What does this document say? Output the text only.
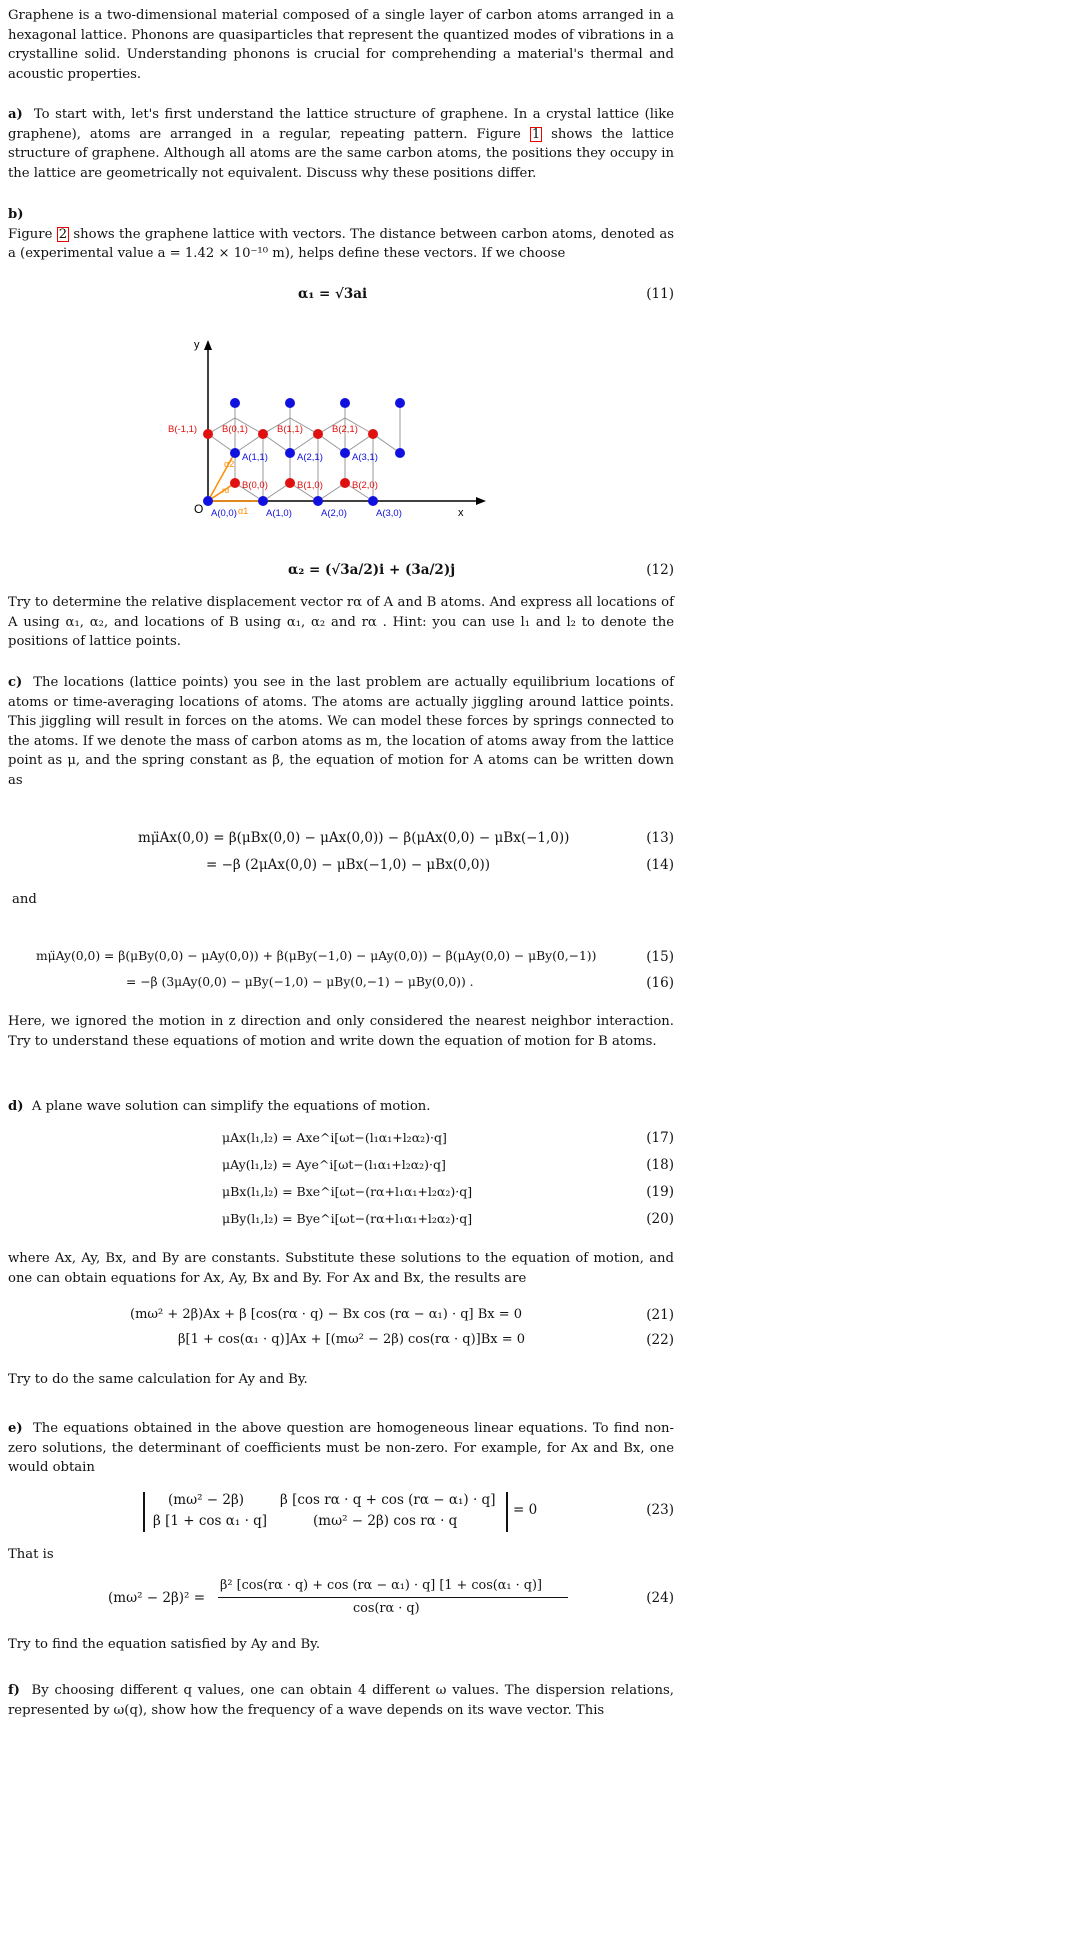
Graphene is a two-dimensional material composed of a single layer of carbon atoms arranged in a hexagonal lattice. Phonons are quasiparticles that represent the quantized modes of vibrations in a crystalline solid. Understanding phonons is crucial for comprehending a material's thermal and acoustic properties.

a) To start with, let's first understand the lattice structure of graphene. In a crystal lattice (like graphene), atoms are arranged in a regular, repeating pattern. Figure 1 shows the lattice structure of graphene. Although all atoms are the same carbon atoms, the positions they occupy in the lattice are geometrically not equivalent. Discuss why these positions differ.

b)

Figure 2 shows the graphene lattice with vectors. The distance between carbon atoms, denoted as a (experimental value a = 1.42 × 10⁻¹⁰ m), helps define these vectors. If we choose

α₁ = √3ai	(11)
y
x
O
α2
rα
α1
A(0,0)	A(1,0)	A(2,0)	A(3,0)
A(1,1)	A(2,1)	A(3,1)
B(0,0)	B(1,0)	B(2,0)
B(-1,1)	B(0,1)	B(1,1)	B(2,1)
α₂ = (√3a/2)i + (3a/2)j	(12)

Try to determine the relative displacement vector rα of A and B atoms. And express all locations of A using α₁, α₂, and locations of B using α₁, α₂ and rα . Hint: you can use l₁ and l₂ to denote the positions of lattice points.

c) The locations (lattice points) you see in the last problem are actually equilibrium locations of atoms or time-averaging locations of atoms. The atoms are actually jiggling around lattice points. This jiggling will result in forces on the atoms. We can model these forces by springs connected to the atoms. If we denote the mass of carbon atoms as m, the location of atoms away from the lattice point as μ, and the spring constant as β, the equation of motion for A atoms can be written down as

mμ̈Ax(0,0) = β(μBx(0,0) − μAx(0,0)) − β(μAx(0,0) − μBx(−1,0))	(13)
= −β (2μAx(0,0) − μBx(−1,0) − μBx(0,0))	(14)
and
mμ̈Ay(0,0) = β(μBy(0,0) − μAy(0,0)) + β(μBy(−1,0) − μAy(0,0)) − β(μAy(0,0) − μBy(0,−1))	(15)
= −β (3μAy(0,0) − μBy(−1,0) − μBy(0,−1) − μBy(0,0)) .	(16)

Here, we ignored the motion in z direction and only considered the nearest neighbor interaction. Try to understand these equations of motion and write down the equation of motion for B atoms.

d) A plane wave solution can simplify the equations of motion.

μAx(l₁,l₂) = Axe^i[ωt−(l₁α₁+l₂α₂)·q]	(17)
μAy(l₁,l₂) = Aye^i[ωt−(l₁α₁+l₂α₂)·q]	(18)
μBx(l₁,l₂) = Bxe^i[ωt−(rα+l₁α₁+l₂α₂)·q]	(19)
μBy(l₁,l₂) = Bye^i[ωt−(rα+l₁α₁+l₂α₂)·q]	(20)

where Ax, Ay, Bx, and By are constants. Substitute these solutions to the equation of motion, and one can obtain equations for Ax, Ay, Bx and By. For Ax and Bx, the results are

(mω² + 2β)Ax + β [cos(rα · q) − Bx cos (rα − α₁) · q] Bx = 0	(21)
β[1 + cos(α₁ · q)]Ax + [(mω² − 2β) cos(rα · q)]Bx = 0	(22)

Try to do the same calculation for Ay and By.

e) The equations obtained in the above question are homogeneous linear equations. To find non-zero solutions, the determinant of coefficients must be non-zero. For example, for Ax and Bx, one would obtain

(mω² − 2β)	β [cos rα · q + cos (rα − α₁) · q]
β [1 + cos α₁ · q]	(mω² − 2β) cos rα · q
= 0	(23)

That is

(mω² − 2β)² =
β² [cos(rα · q) + cos (rα − α₁) · q] [1 + cos(α₁ · q)]
cos(rα · q)
(24)

Try to find the equation satisfied by Ay and By.

f) By choosing different q values, one can obtain 4 different ω values. The dispersion relations, represented by ω(q), show how the frequency of a wave depends on its wave vector. This
